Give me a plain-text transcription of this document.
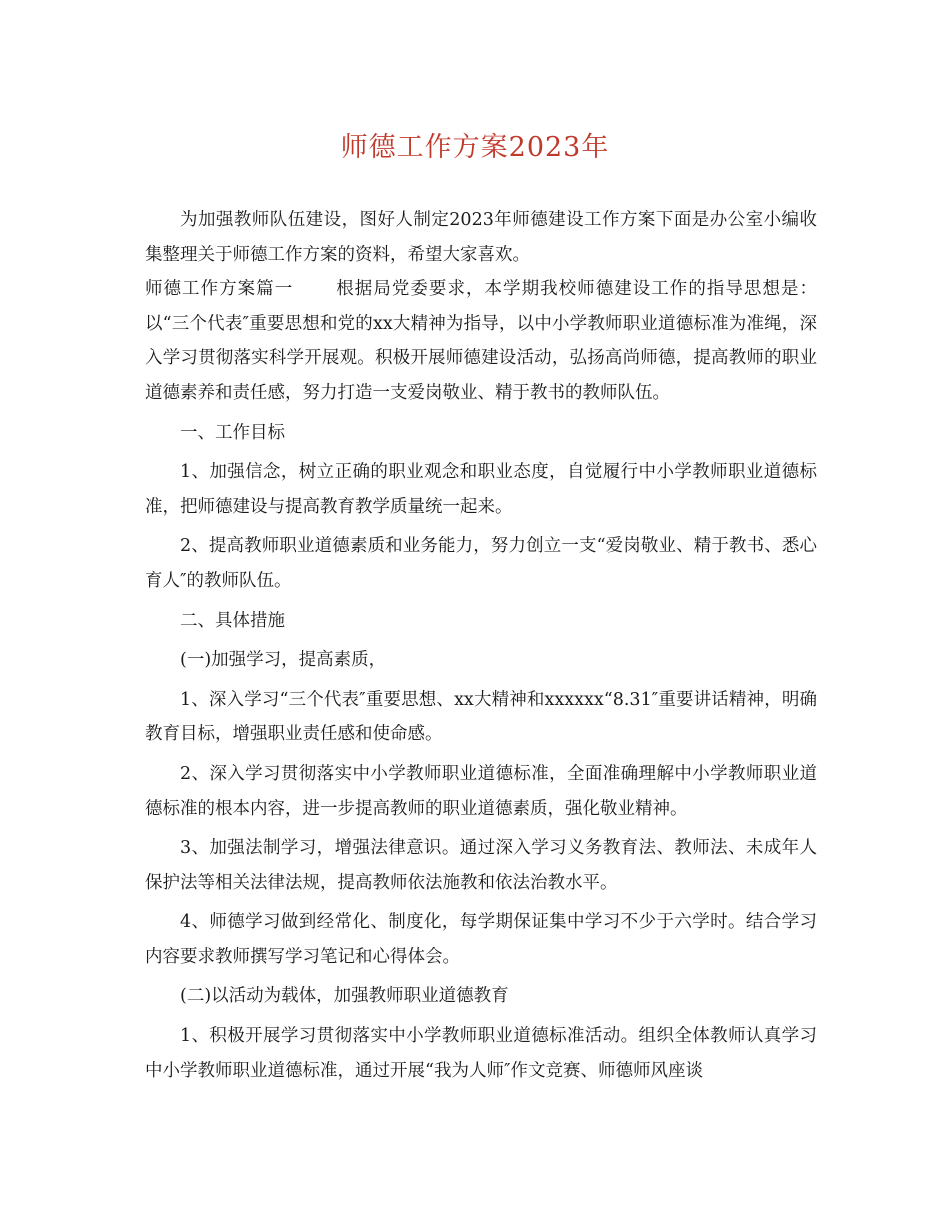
师德工作方案2023年

为加强教师队伍建设，图好人制定2023年师德建设工作方案下面是办公室小编收集整理关于师德工作方案的资料，希望大家喜欢。

师德工作方案篇一 根据局党委要求，本学期我校师德建设工作的指导思想是：以“三个代表″重要思想和党的xx大精神为指导，以中小学教师职业道德标准为准绳，深入学习贯彻落实科学开展观。积极开展师德建设活动，弘扬高尚师德，提高教师的职业道德素养和责任感，努力打造一支爱岗敬业、精于教书的教师队伍。

一、工作目标

1、加强信念，树立正确的职业观念和职业态度，自觉履行中小学教师职业道德标准，把师德建设与提高教育教学质量统一起来。

2、提高教师职业道德素质和业务能力，努力创立一支“爱岗敬业、精于教书、悉心育人″的教师队伍。

二、具体措施

(一)加强学习，提高素质，

1、深入学习“三个代表″重要思想、xx大精神和xxxxxx“8.31″重要讲话精神，明确教育目标，增强职业责任感和使命感。

2、深入学习贯彻落实中小学教师职业道德标准，全面准确理解中小学教师职业道德标准的根本内容，进一步提高教师的职业道德素质，强化敬业精神。

3、加强法制学习，增强法律意识。通过深入学习义务教育法、教师法、未成年人保护法等相关法律法规，提高教师依法施教和依法治教水平。

4、师德学习做到经常化、制度化，每学期保证集中学习不少于六学时。结合学习内容要求教师撰写学习笔记和心得体会。

(二)以活动为载体，加强教师职业道德教育

1、积极开展学习贯彻落实中小学教师职业道德标准活动。组织全体教师认真学习中小学教师职业道德标准，通过开展“我为人师″作文竞赛、师德师风座谈
